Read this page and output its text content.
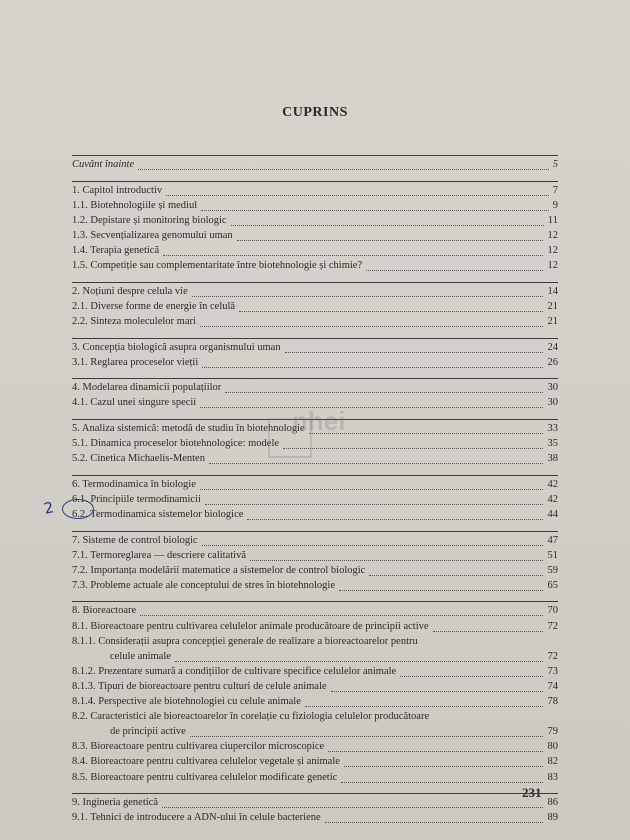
CUPRINS
Cuvânt înainte	5
1. Capitol introductiv	7
1.1. Biotehnologiile și mediul	9
1.2. Depistare și monitoring biologic	11
1.3. Secvențializarea genomului uman	12
1.4. Terapia genetică	12
1.5. Competiție sau complementaritate între biotehnologie și chimie?	12
2. Noțiuni despre celula vie	14
2.1. Diverse forme de energie în celulă	21
2.2. Sinteza moleculelor mari	21
3. Concepția biologică asupra organismului uman	24
3.1. Reglarea proceselor vieții	26
4. Modelarea dinamicii populațiilor	30
4.1. Cazul unei singure specii	30
5. Analiza sistemică: metodă de studiu în biotehnologie	33
5.1. Dinamica proceselor biotehnologice: modele	35
5.2. Cinetica Michaelis-Menten	38
6. Termodinamica în biologie	42
6.1. Principiile termodinamicii	42
6.2. Termodinamica sistemelor biologice	44
7. Sisteme de control biologic	47
7.1. Termoreglarea — descriere calitativă	51
7.2. Importanța modelării matematice a sistemelor de control biologic	59
7.3. Probleme actuale ale conceptului de stres în biotehnologie	65
8. Bioreactoare	70
8.1. Bioreactoare pentru cultivarea celulelor animale producătoare de principii active	72
8.1.1. Considerații asupra concepției generale de realizare a bioreactoarelor pentru
celule animale	72
8.1.2. Prezentare sumară a condițiilor de cultivare specifice celulelor animale	73
8.1.3. Tipuri de bioreactoare pentru culturi de celule animale	74
8.1.4. Perspective ale biotehnologiei cu celule animale	78
8.2. Caracteristici ale bioreactoarelor în corelație cu fiziologia celulelor producătoare
de principii active	79
8.3. Bioreactoare pentru cultivarea ciupercilor microscopice	80
8.4. Bioreactoare pentru cultivarea celulelor vegetale și animale	82
8.5. Bioreactoare pentru cultivarea celulelor modificate genetic	83
9. Ingineria genetică	86
9.1. Tehnici de introducere a ADN-ului în celule bacteriene	89
nhei
2
231
